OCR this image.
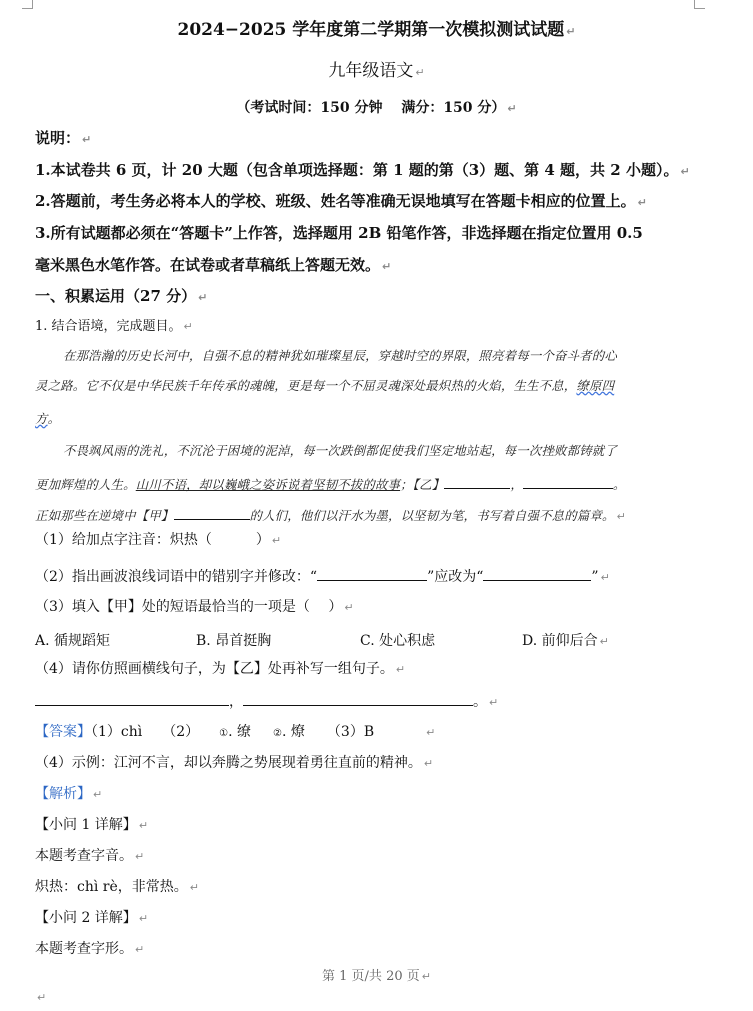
2024−2025 学年度第二学期第一次模拟测试试题 ↵
九年级语文 ↵
（考试时间：150 分钟　 满分：150 分） ↵
说明： ↵
1.本试卷共 6 页，计 20 大题（包含单项选择题：第 1 题的第（3）题、第 4 题，共 2 小题）。 ↵
2.答题前，考生务必将本人的学校、班级、姓名等准确无误地填写在答题卡相应的位置上。 ↵
3.所有试题都必须在“答题卡”上作答，选择题用 2B 铅笔作答，非选择题在指定位置用 0.5
毫米黑色水笔作答。在试卷或者草稿纸上答题无效。 ↵
一、积累运用（27 分） ↵
1. 结合语境，完成题目。 ↵
在那浩瀚的历史长河中，自强不息的精神犹如璀璨星辰，穿越时空的界限，照亮着每一个奋斗者的心
灵之路。它不仅是中华民族千年传承的魂魄，更是每一个不屈灵魂深处最炽热的火焰，生生不息，缭原四
方。
不畏飒风雨的洗礼，不沉沦于困境的泥淖，每一次跌倒都促使我们坚定地站起，每一次挫败都铸就了
更加辉煌的人生。山川不语，却以巍峨之姿诉说着坚韧不拔的故事；【乙】	，	。
正如那些在逆境中【甲】	的人们，他们以汗水为墨，以坚韧为笔，书写着自强不息的篇章。 ↵
（1）给加点字注音：炽热（	） ↵
（2）指出画波浪线词语中的错别字并修改：“	”应改为“	” ↵
（3）填入【甲】处的短语最恰当的一项是（　 ） ↵
A. 循规蹈矩	B. 昂首挺胸	C. 处心积虑	D. 前仰后合 ↵
（4）请你仿照画横线句子，为【乙】处再补写一组句子。 ↵
，	。 ↵
【答案】（1）chì （2） ①. 缭 ②. 燎 （3）B	↵
（4）示例：江河不言，却以奔腾之势展现着勇往直前的精神。 ↵
【解析】 ↵
【小问 1 详解】 ↵
本题考查字音。 ↵
炽热：chì rè，非常热。 ↵
【小问 2 详解】 ↵
本题考查字形。 ↵
第 1 页/共 20 页 ↵
↵
